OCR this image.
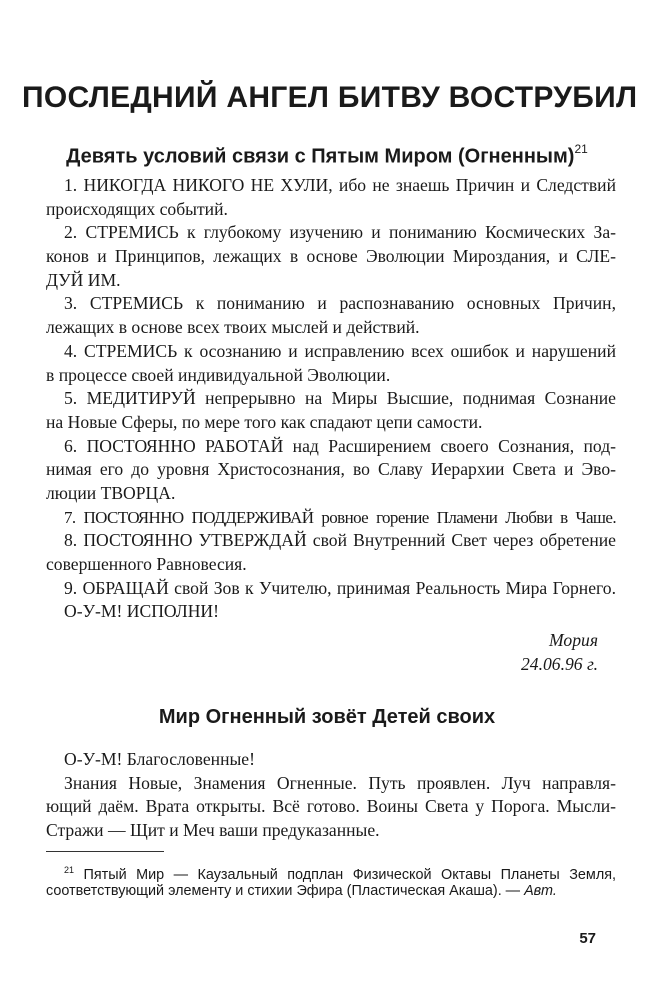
ПОСЛЕДНИЙ АНГЕЛ БИТВУ ВОСТРУБИЛ
Девять условий связи с Пятым Миром (Огненным)$^{21}$
1. НИКОГДА НИКОГО НЕ ХУЛИ, ибо не знаешь Причин и Следствий
происходящих событий.
2. СТРЕМИСЬ к глубокому изучению и пониманию Космических За-
конов и Принципов, лежащих в основе Эволюции Мироздания, и СЛЕ-
ДУЙ ИМ.
3. СТРЕМИСЬ к пониманию и распознаванию основных Причин,
лежащих в основе всех твоих мыслей и действий.
4. СТРЕМИСЬ к осознанию и исправлению всех ошибок и нарушений
в процессе своей индивидуальной Эволюции.
5. МЕДИТИРУЙ непрерывно на Миры Высшие, поднимая Сознание
на Новые Сферы, по мере того как спадают цепи самости.
6. ПОСТОЯННО РАБОТАЙ над Расширением своего Сознания, под-
нимая его до уровня Христосознания, во Славу Иерархии Света и Эво-
люции ТВОРЦА.
7. ПОСТОЯННО ПОДДЕРЖИВАЙ ровное горение Пламени Любви в Чаше.
8. ПОСТОЯННО УТВЕРЖДАЙ свой Внутренний Свет через обретение
совершенного Равновесия.
9. ОБРАЩАЙ свой Зов к Учителю, принимая Реальность Мира Горнего.
О-У-М! ИСПОЛНИ!
Мория
24.06.96 г.
Мир Огненный зовёт Детей своих
О-У-М! Благословенные!
Знания Новые, Знамения Огненные. Путь проявлен. Луч направля-
ющий даём. Врата открыты. Всё готово. Воины Света у Порога. Мысли-
Стражи — Щит и Меч ваши предуказанные.
$^{21}$ Пятый Мир — Каузальный подплан Физической Октавы Планеты Земля,
соответствующий элементу и стихии Эфира (Пластическая Акаша). — Авт.
57
